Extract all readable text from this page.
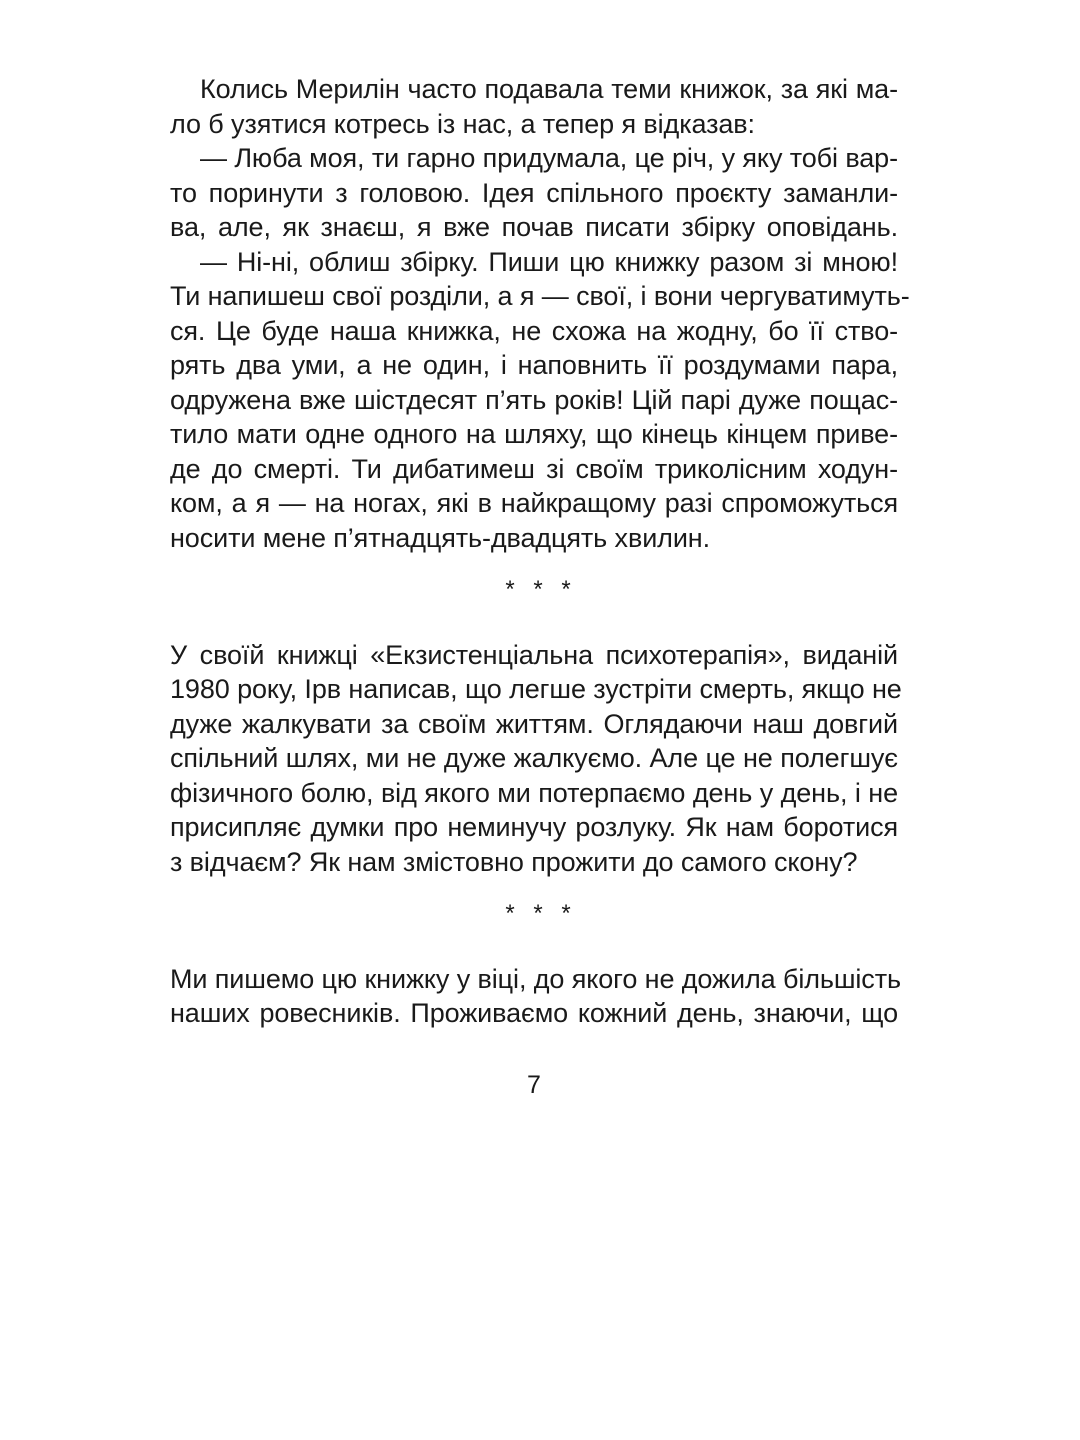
Колись Мерилін часто подавала теми книжок, за які ма-
ло б узятися котресь із нас, а тепер я відказав:
— Люба моя, ти гарно придумала, це річ, у яку тобі вар-
то поринути з головою. Ідея спільного проєкту заманли-
ва, але, як знаєш, я вже почав писати збірку оповідань.
— Ні-ні, облиш збірку. Пиши цю книжку разом зі мною!
Ти напишеш свої розділи, а я — свої, і вони чергуватимуть-
ся. Це буде наша книжка, не схожа на жодну, бо її ство-
рять два уми, а не один, і наповнить її роздумами пара,
одружена вже шістдесят п’ять років! Цій парі дуже пощас-
тило мати одне одного на шляху, що кінець кінцем приве-
де до смерті. Ти дибатимеш зі своїм триколісним ходун-
ком, а я — на ногах, які в найкращому разі спроможуться
носити мене п’ятнадцять-двадцять хвилин.
* * *
У своїй книжці «Екзистенціальна психотерапія», виданій
1980 року, Ірв написав, що легше зустріти смерть, якщо не
дуже жалкувати за своїм життям. Оглядаючи наш довгий
спільний шлях, ми не дуже жалкуємо. Але це не полегшує
фізичного болю, від якого ми потерпаємо день у день, і не
присипляє думки про неминучу розлуку. Як нам боротися
з відчаєм? Як нам змістовно прожити до самого скону?
* * *
Ми пишемо цю книжку у віці, до якого не дожила більшість
наших ровесників. Проживаємо кожний день, знаючи, що
7
